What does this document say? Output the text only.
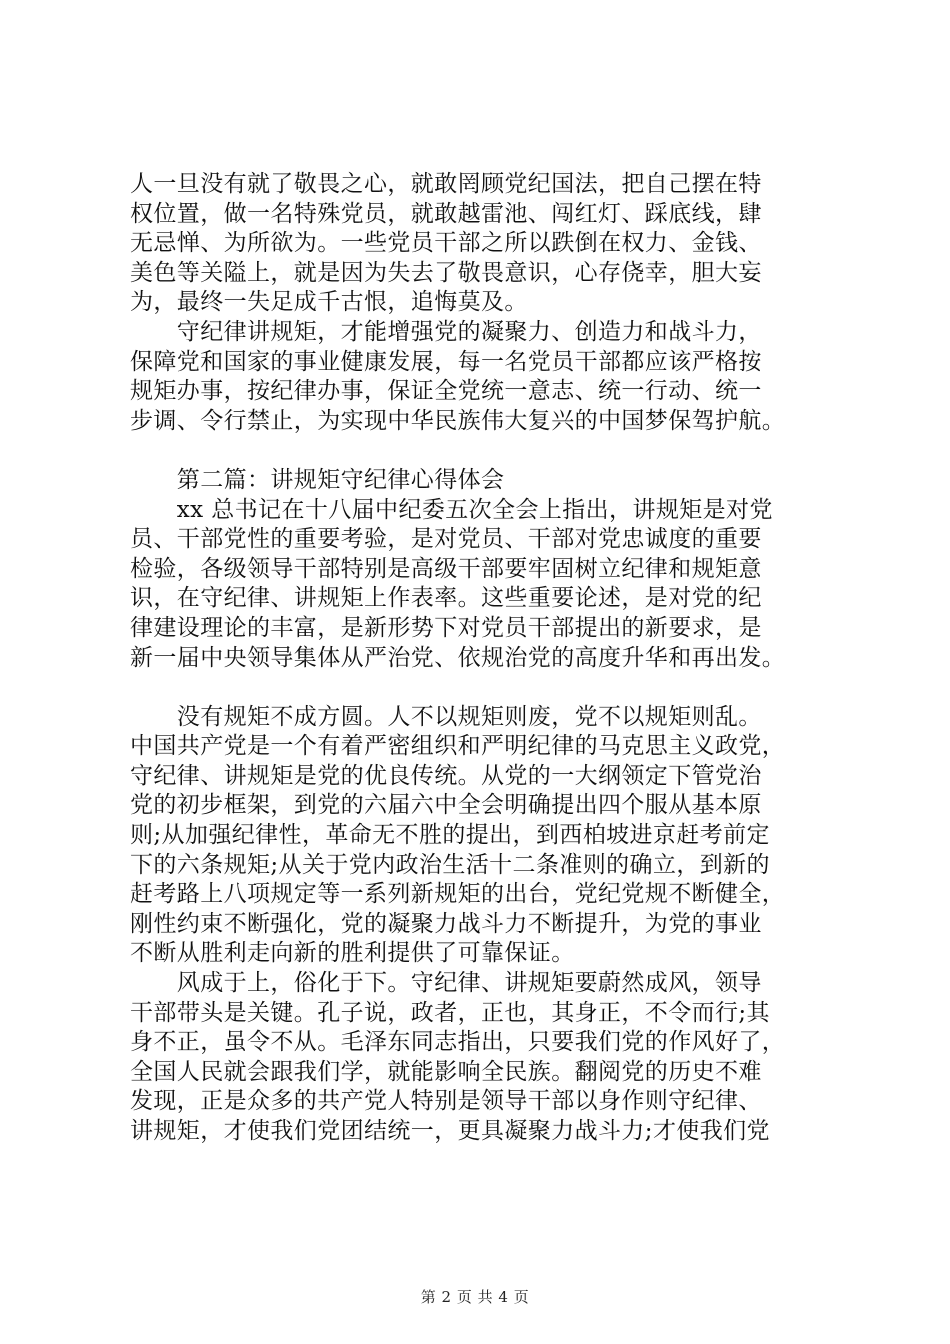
人一旦没有就了敬畏之心，就敢罔顾党纪国法，把自己摆在特
权位置，做一名特殊党员，就敢越雷池、闯红灯、踩底线，肆
无忌惮、为所欲为。一些党员干部之所以跌倒在权力、金钱、
美色等关隘上，就是因为失去了敬畏意识，心存侥幸，胆大妄
为，最终一失足成千古恨，追悔莫及。
　　守纪律讲规矩，才能增强党的凝聚力、创造力和战斗力，
保障党和国家的事业健康发展，每一名党员干部都应该严格按
规矩办事，按纪律办事，保证全党统一意志、统一行动、统一
步调、令行禁止，为实现中华民族伟大复兴的中国梦保驾护航。
　　第二篇：讲规矩守纪律心得体会
　　xx 总书记在十八届中纪委五次全会上指出，讲规矩是对党
员、干部党性的重要考验，是对党员、干部对党忠诚度的重要
检验，各级领导干部特别是高级干部要牢固树立纪律和规矩意
识，在守纪律、讲规矩上作表率。这些重要论述，是对党的纪
律建设理论的丰富，是新形势下对党员干部提出的新要求，是
新一届中央领导集体从严治党、依规治党的高度升华和再出发。
　　没有规矩不成方圆。人不以规矩则废，党不以规矩则乱。
中国共产党是一个有着严密组织和严明纪律的马克思主义政党，
守纪律、讲规矩是党的优良传统。从党的一大纲领定下管党治
党的初步框架，到党的六届六中全会明确提出四个服从基本原
则;从加强纪律性，革命无不胜的提出，到西柏坡进京赶考前定
下的六条规矩;从关于党内政治生活十二条准则的确立，到新的
赶考路上八项规定等一系列新规矩的出台，党纪党规不断健全，
刚性约束不断强化，党的凝聚力战斗力不断提升，为党的事业
不断从胜利走向新的胜利提供了可靠保证。
　　风成于上，俗化于下。守纪律、讲规矩要蔚然成风，领导
干部带头是关键。孔子说，政者，正也，其身正，不令而行;其
身不正，虽令不从。毛泽东同志指出，只要我们党的作风好了，
全国人民就会跟我们学，就能影响全民族。翻阅党的历史不难
发现，正是众多的共产党人特别是领导干部以身作则守纪律、
讲规矩，才使我们党团结统一，更具凝聚力战斗力;才使我们党
第 2 页 共 4 页
